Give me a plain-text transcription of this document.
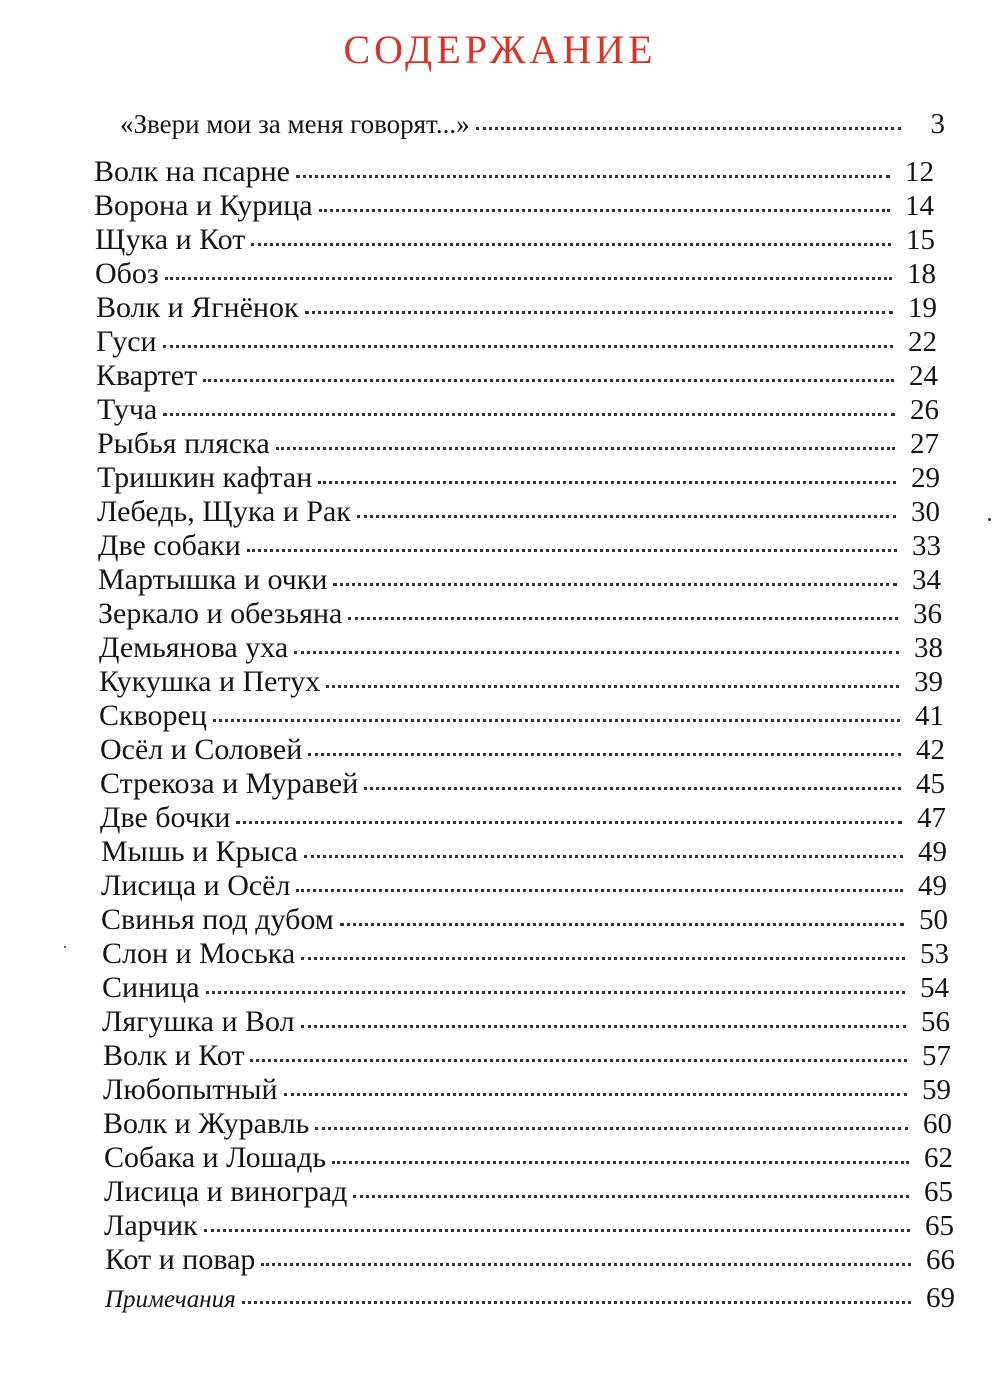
СОДЕРЖАНИЕ
«Звери мои за меня говорят...»	3
Волк на псарне	12
Ворона и Курица	14
Щука и Кот	15
Обоз	18
Волк и Ягнёнок	19
Гуси	22
Квартет	24
Туча	26
Рыбья пляска	27
Тришкин кафтан	29
Лебедь, Щука и Рак	30
Две собаки	33
Мартышка и очки	34
Зеркало и обезьяна	36
Демьянова уха	38
Кукушка и Петух	39
Скворец	41
Осёл и Соловей	42
Стрекоза и Муравей	45
Две бочки	47
Мышь и Крыса	49
Лисица и Осёл	49
Свинья под дубом	50
Слон и Моська	53
Синица	54
Лягушка и Вол	56
Волк и Кот	57
Любопытный	59
Волк и Журавль	60
Собака и Лошадь	62
Лисица и виноград	65
Ларчик	65
Кот и повар	66
Примечания	69
